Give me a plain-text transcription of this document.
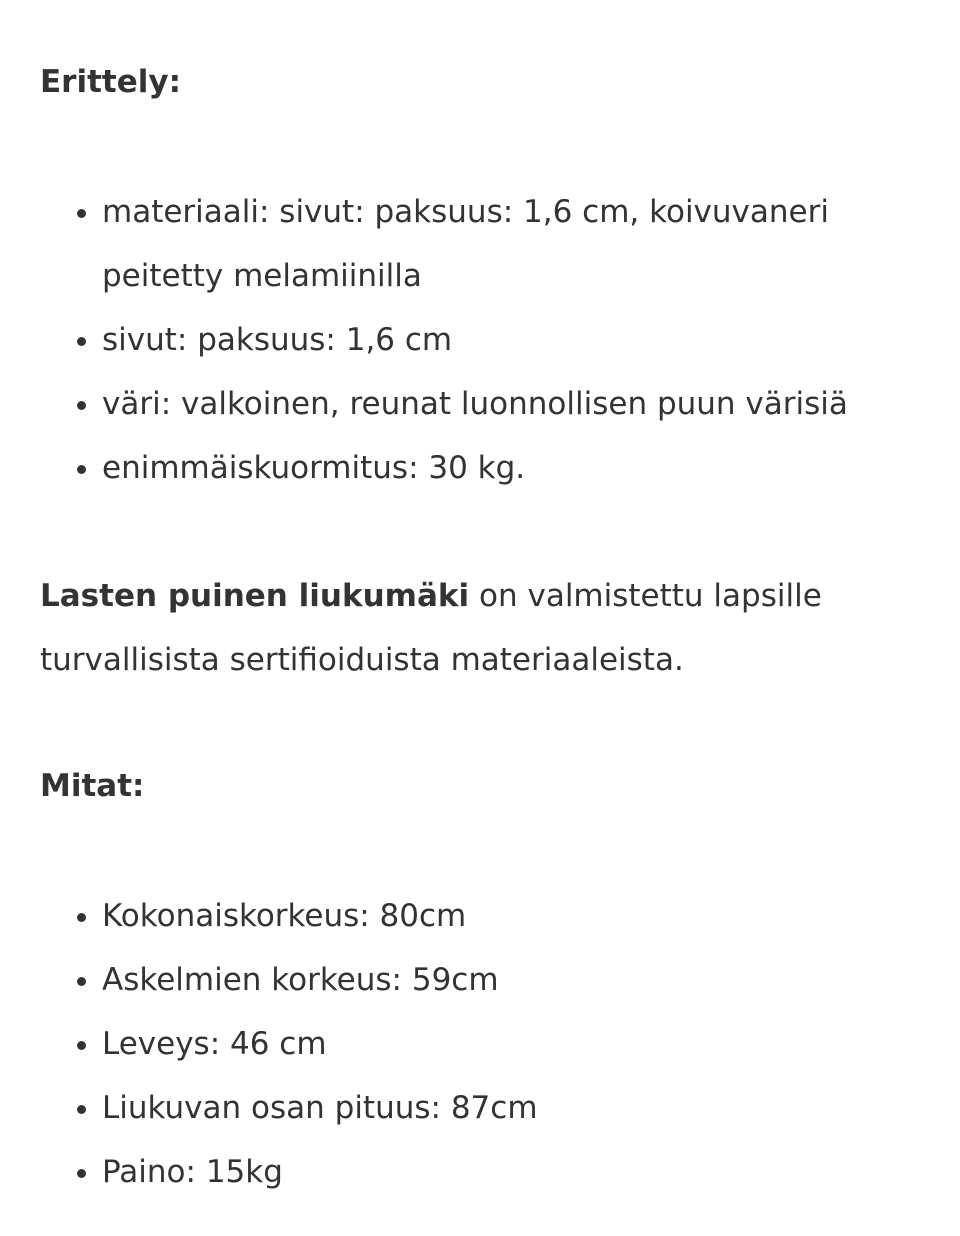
Erittely:
• materiaali: sivut: paksuus: 1,6 cm, koivuvaneri peitetty melamiinilla
• sivut: paksuus: 1,6 cm
• väri: valkoinen, reunat luonnollisen puun värisiä
• enimmäiskuormitus: 30 kg.

Lasten puinen liukumäki on valmistettu lapsille turvallisista sertifioiduista materiaaleista.

Mitat:
• Kokonaiskorkeus: 80cm
• Askelmien korkeus: 59cm
• Leveys: 46 cm
• Liukuvan osan pituus: 87cm
• Paino: 15kg
